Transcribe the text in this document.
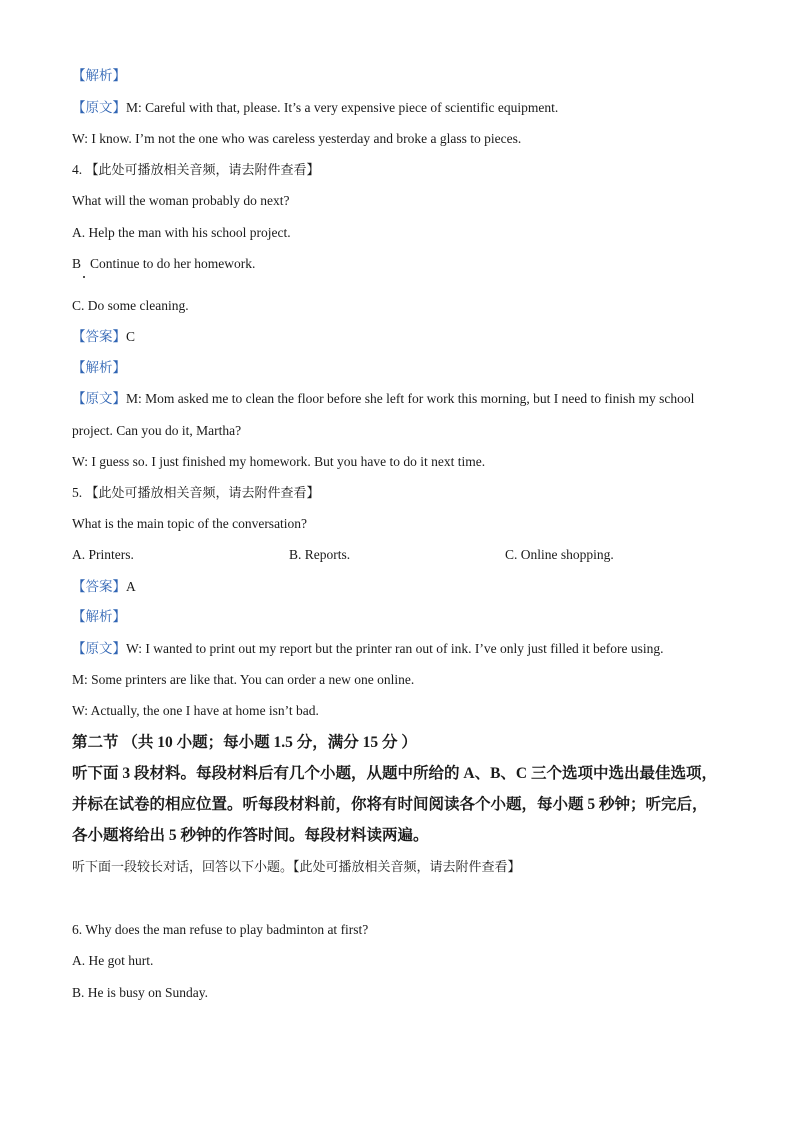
【解析】
【原文】M: Careful with that, please. It’s a very expensive piece of scientific equipment.
W: I know. I’m not the one who was careless yesterday and broke a glass to pieces.
4. 【此处可播放相关音频，请去附件查看】
What will the woman probably do next?
A. Help the man with his school project.
B Continue to do her homework.
C. Do some cleaning.
【答案】C
【解析】
【原文】M: Mom asked me to clean the floor before she left for work this morning, but I need to finish my school
project. Can you do it, Martha?
W: I guess so. I just finished my homework. But you have to do it next time.
5. 【此处可播放相关音频，请去附件查看】
What is the main topic of the conversation?
A. Printers.	B. Reports.	C. Online shopping.
【答案】A
【解析】
【原文】W: I wanted to print out my report but the printer ran out of ink. I’ve only just filled it before using.
M: Some printers are like that. You can order a new one online.
W: Actually, the one I have at home isn’t bad.
第二节 （共 10 小题；每小题 1.5 分，满分 15 分 ）
听下面 3 段材料。每段材料后有几个小题，从题中所给的 A、B、C 三个选项中选出最佳选项，
并标在试卷的相应位置。听每段材料前，你将有时间阅读各个小题，每小题 5 秒钟；听完后，
各小题将给出 5 秒钟的作答时间。每段材料读两遍。
听下面一段较长对话，回答以下小题。【此处可播放相关音频，请去附件查看】
6. Why does the man refuse to play badminton at first?
A. He got hurt.
B. He is busy on Sunday.
